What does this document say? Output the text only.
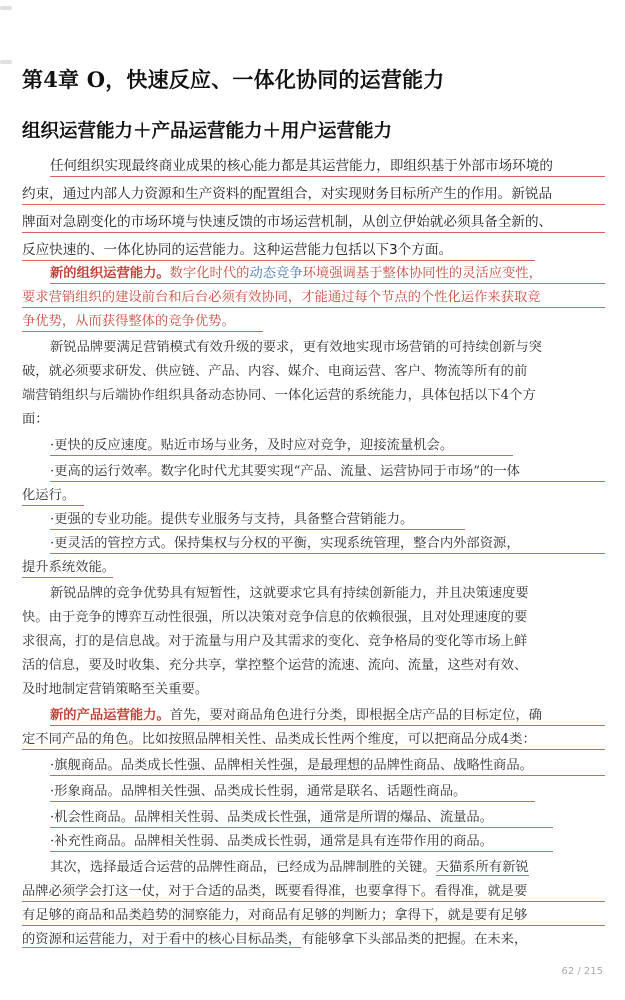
第4章 O，快速反应、一体化协同的运营能力
组织运营能力＋产品运营能力＋用户运营能力
任何组织实现最终商业成果的核心能力都是其运营能力，即组织基于外部市场环境的
约束，通过内部人力资源和生产资料的配置组合，对实现财务目标所产生的作用。新锐品
牌面对急剧变化的市场环境与快速反馈的市场运营机制，从创立伊始就必须具备全新的、
反应快速的、一体化协同的运营能力。这种运营能力包括以下3个方面。
新的组织运营能力。数字化时代的动态竞争环境强调基于整体协同性的灵活应变性，
要求营销组织的建设前台和后台必须有效协同，才能通过每个节点的个性化运作来获取竞
争优势，从而获得整体的竞争优势。
新锐品牌要满足营销模式有效升级的要求，更有效地实现市场营销的可持续创新与突
破，就必须要求研发、供应链、产品、内容、媒介、电商运营、客户、物流等所有的前
端营销组织与后端协作组织具备动态协同、一体化运营的系统能力，具体包括以下4个方
面：
·更快的反应速度。贴近市场与业务，及时应对竞争，迎接流量机会。
·更高的运行效率。数字化时代尤其要实现“产品、流量、运营协同于市场”的一体
化运行。
·更强的专业功能。提供专业服务与支持，具备整合营销能力。
·更灵活的管控方式。保持集权与分权的平衡，实现系统管理，整合内外部资源，
提升系统效能。
新锐品牌的竞争优势具有短暂性，这就要求它具有持续创新能力，并且决策速度要
快。由于竞争的博弈互动性很强，所以决策对竞争信息的依赖很强，且对处理速度的要
求很高，打的是信息战。对于流量与用户及其需求的变化、竞争格局的变化等市场上鲜
活的信息，要及时收集、充分共享，掌控整个运营的流速、流向、流量，这些对有效、
及时地制定营销策略至关重要。
新的产品运营能力。首先，要对商品角色进行分类，即根据全店产品的目标定位，确
定不同产品的角色。比如按照品牌相关性、品类成长性两个维度，可以把商品分成4类：
·旗舰商品。品类成长性强、品牌相关性强，是最理想的品牌性商品、战略性商品。
·形象商品。品牌相关性强、品类成长性弱，通常是联名、话题性商品。
·机会性商品。品牌相关性弱、品类成长性强，通常是所谓的爆品、流量品。
·补充性商品。品牌相关性弱、品类成长性弱，通常是具有连带作用的商品。
其次，选择最适合运营的品牌性商品，已经成为品牌制胜的关键。天猫系所有新锐
品牌必须学会打这一仗，对于合适的品类，既要看得准，也要拿得下。看得准，就是要
有足够的商品和品类趋势的洞察能力，对商品有足够的判断力；拿得下，就是要有足够
的资源和运营能力，对于看中的核心目标品类，有能够拿下头部品类的把握。在未来，
62 / 215
